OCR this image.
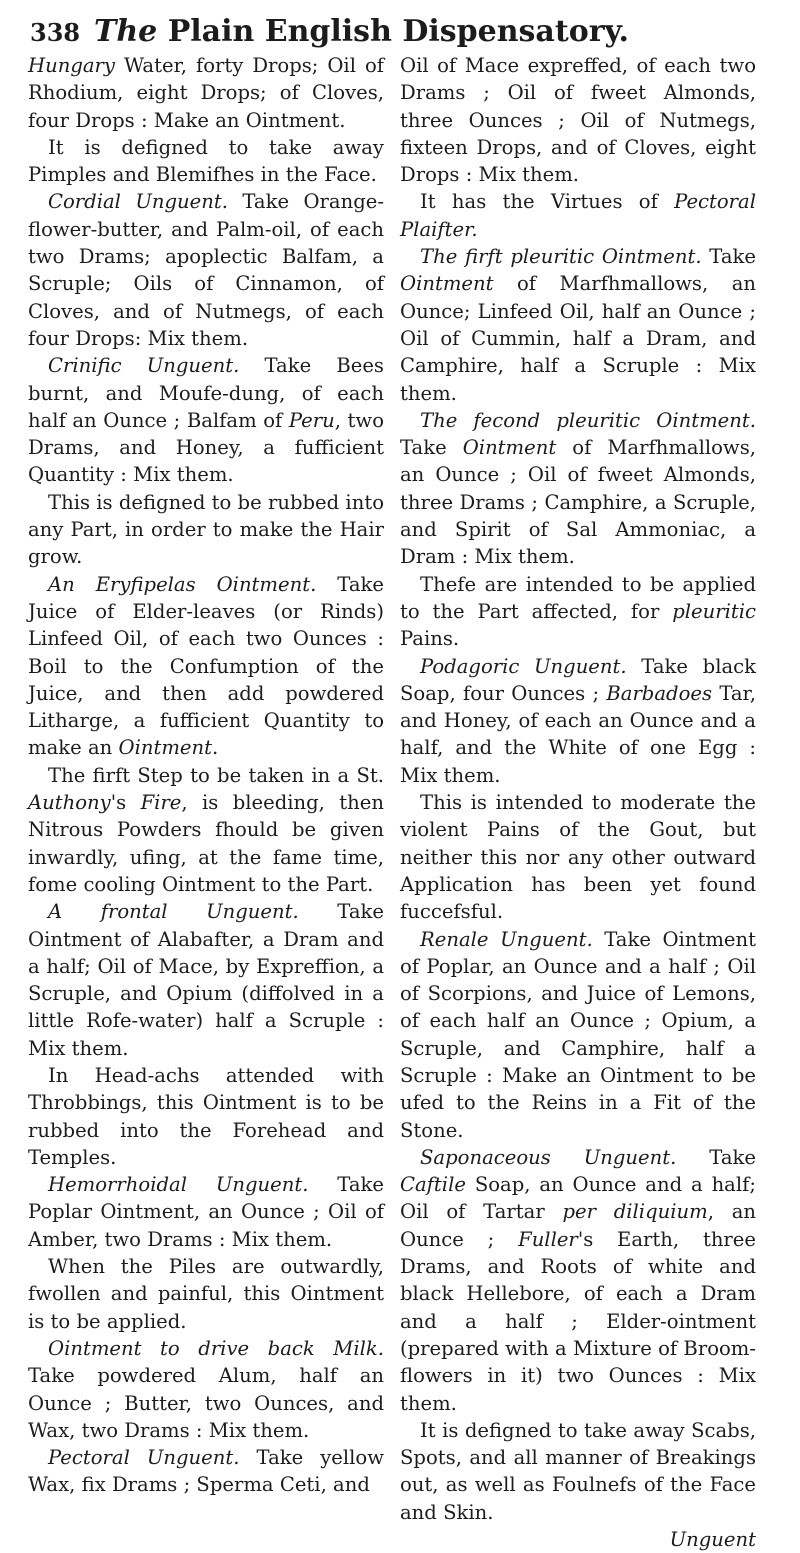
338 The Plain English Dispensatory.

Hungary Water, forty Drops; Oil of Rhodium, eight Drops; of Cloves, four Drops : Make an Ointment.

It is defigned to take away Pimples and Blemifhes in the Face.

Cordial Unguent. Take Orange-flower-butter, and Palm-oil, of each two Drams; apoplectic Balfam, a Scruple; Oils of Cinnamon, of Cloves, and of Nutmegs, of each four Drops: Mix them.

Crinific Unguent. Take Bees burnt, and Moufe-dung, of each half an Ounce ; Balfam of Peru, two Drams, and Honey, a fufficient Quantity : Mix them.

This is defigned to be rubbed into any Part, in order to make the Hair grow.

An Eryfipelas Ointment. Take Juice of Elder-leaves (or Rinds) Linfeed Oil, of each two Ounces : Boil to the Confumption of the Juice, and then add powdered Litharge, a fufficient Quantity to make an Ointment.

The firft Step to be taken in a St. Authony's Fire, is bleeding, then Nitrous Powders fhould be given inwardly, ufing, at the fame time, fome cooling Ointment to the Part.

A frontal Unguent. Take Ointment of Alabafter, a Dram and a half; Oil of Mace, by Expreffion, a Scruple, and Opium (diffolved in a little Rofe-water) half a Scruple : Mix them.

In Head-achs attended with Throbbings, this Ointment is to be rubbed into the Forehead and Temples.

Hemorrhoidal Unguent. Take Poplar Ointment, an Ounce ; Oil of Amber, two Drams : Mix them.

When the Piles are outwardly, fwollen and painful, this Ointment is to be applied.

Ointment to drive back Milk. Take powdered Alum, half an Ounce ; Butter, two Ounces, and Wax, two Drams : Mix them.

Pectoral Unguent. Take yellow Wax, fix Drams ; Sperma Ceti, and

Oil of Mace expreffed, of each two Drams ; Oil of fweet Almonds, three Ounces ; Oil of Nutmegs, fixteen Drops, and of Cloves, eight Drops : Mix them.

It has the Virtues of Pectoral Plaifter.

The firft pleuritic Ointment. Take Ointment of Marfhmallows, an Ounce; Linfeed Oil, half an Ounce ; Oil of Cummin, half a Dram, and Camphire, half a Scruple : Mix them.

The fecond pleuritic Ointment. Take Ointment of Marfhmallows, an Ounce ; Oil of fweet Almonds, three Drams ; Camphire, a Scruple, and Spirit of Sal Ammoniac, a Dram : Mix them.

Thefe are intended to be applied to the Part affected, for pleuritic Pains.

Podagoric Unguent. Take black Soap, four Ounces ; Barbadoes Tar, and Honey, of each an Ounce and a half, and the White of one Egg : Mix them.

This is intended to moderate the violent Pains of the Gout, but neither this nor any other outward Application has been yet found fuccefsful.

Renale Unguent. Take Ointment of Poplar, an Ounce and a half ; Oil of Scorpions, and Juice of Lemons, of each half an Ounce ; Opium, a Scruple, and Camphire, half a Scruple : Make an Ointment to be ufed to the Reins in a Fit of the Stone.

Saponaceous Unguent. Take Caftile Soap, an Ounce and a half; Oil of Tartar per diliquium, an Ounce ; Fuller's Earth, three Drams, and Roots of white and black Hellebore, of each a Dram and a half ; Elder-ointment (prepared with a Mixture of Broom-flowers in it) two Ounces : Mix them.

It is defigned to take away Scabs, Spots, and all manner of Breakings out, as well as Foulnefs of the Face and Skin.

Unguent
